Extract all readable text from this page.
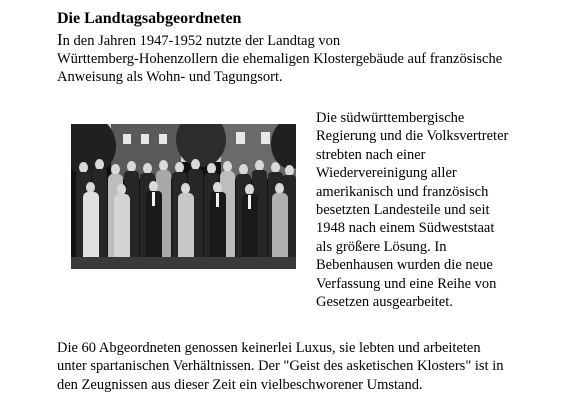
Die Landtagsabgeordneten
In den Jahren 1947-1952 nutzte der Landtag von
Württemberg-Hohenzollern die ehemaligen Klostergebäude auf französische
Anweisung als Wohn- und Tagungsort.
Die südwürttembergische
Regierung und die Volksvertreter
strebten nach einer
Wiedervereinigung aller
amerikanisch und französisch
besetzten Landesteile und seit
1948 nach einem Südweststaat
als größere Lösung. In
Bebenhausen wurden die neue
Verfassung und eine Reihe von
Gesetzen ausgearbeitet.
Die 60 Abgeordneten genossen keinerlei Luxus, sie lebten und arbeiteten
unter spartanischen Verhältnissen. Der "Geist des asketischen Klosters" ist in
den Zeugnissen aus dieser Zeit ein vielbeschworener Umstand.
